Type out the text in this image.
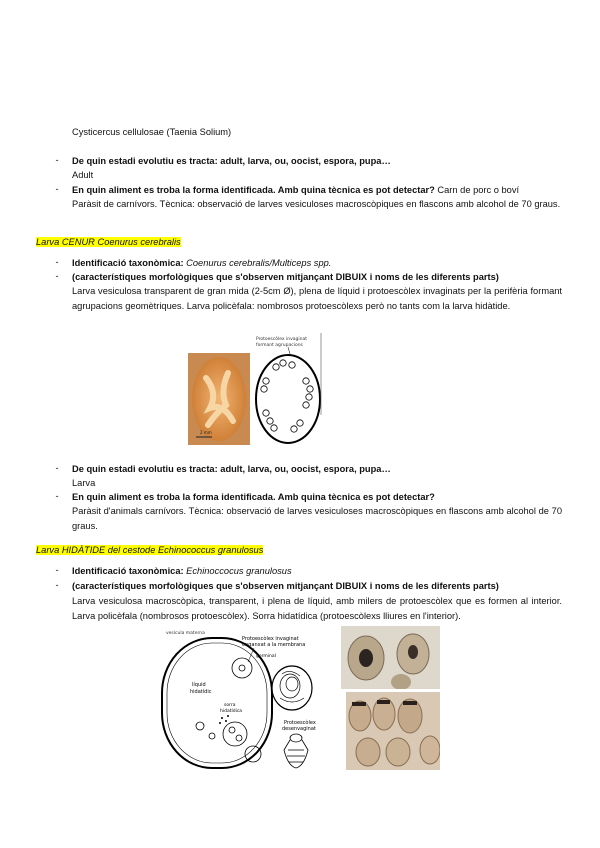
Cysticercus cellulosae (Taenia Solium)
-	De quin estadi evolutiu es tracta: adult, larva, ou, oocist, espora, pupa…
Adult
-	En quin aliment es troba la forma identificada. Amb quina tècnica es pot detectar? Carn de porc o boví
Paràsit de carnívors. Tècnica: observació de larves vesiculoses macroscòpiques en flascons amb alcohol de 70 graus.
Larva CENUR Coenurus cerebralis
-	Identificació taxonòmica: Coenurus cerebralis/Multiceps spp.
-	(característiques morfològiques que s'observen mitjançant DIBUIX i noms de les diferents parts)
Larva vesiculosa transparent de gran mida (2-5cm Ø), plena de líquid i protoescòlex invaginats per la perifèria formant agrupacions geomètriques. Larva policèfala: nombrosos protoescòlexs però no tants com la larva hidàtide.
2 mm
Protoescòlex invaginat
formant agrupacions
-	De quin estadi evolutiu es tracta: adult, larva, ou, oocist, espora, pupa…
Larva
-	En quin aliment es troba la forma identificada. Amb quina tècnica es pot detectar?
Paràsit d'animals carnívors. Tècnica: observació de larves vesiculoses macroscòpiques en flascons amb alcohol de 70 graus.
Larva HIDÀTIDE del cestode Echinococcus granulosus
-	Identificació taxonòmica: Echinoccocus granulosus
-	(característiques morfològiques que s'observen mitjançant DIBUIX i noms de les diferents parts)
Larva vesiculosa macroscòpica, transparent, i plena de líquid, amb milers de protoescòlex que es formen al interior. Larva policèfala (nombrosos protoescòlex). Sorra hidatídica (protoescòlexs lliures en l'interior).
vesícula materna
líquid
hidatídic
sorra
hidatídica
Protoescòlex invaginat
enganxat a la membrana
germinal
Protoescòlex
desenvaginat
